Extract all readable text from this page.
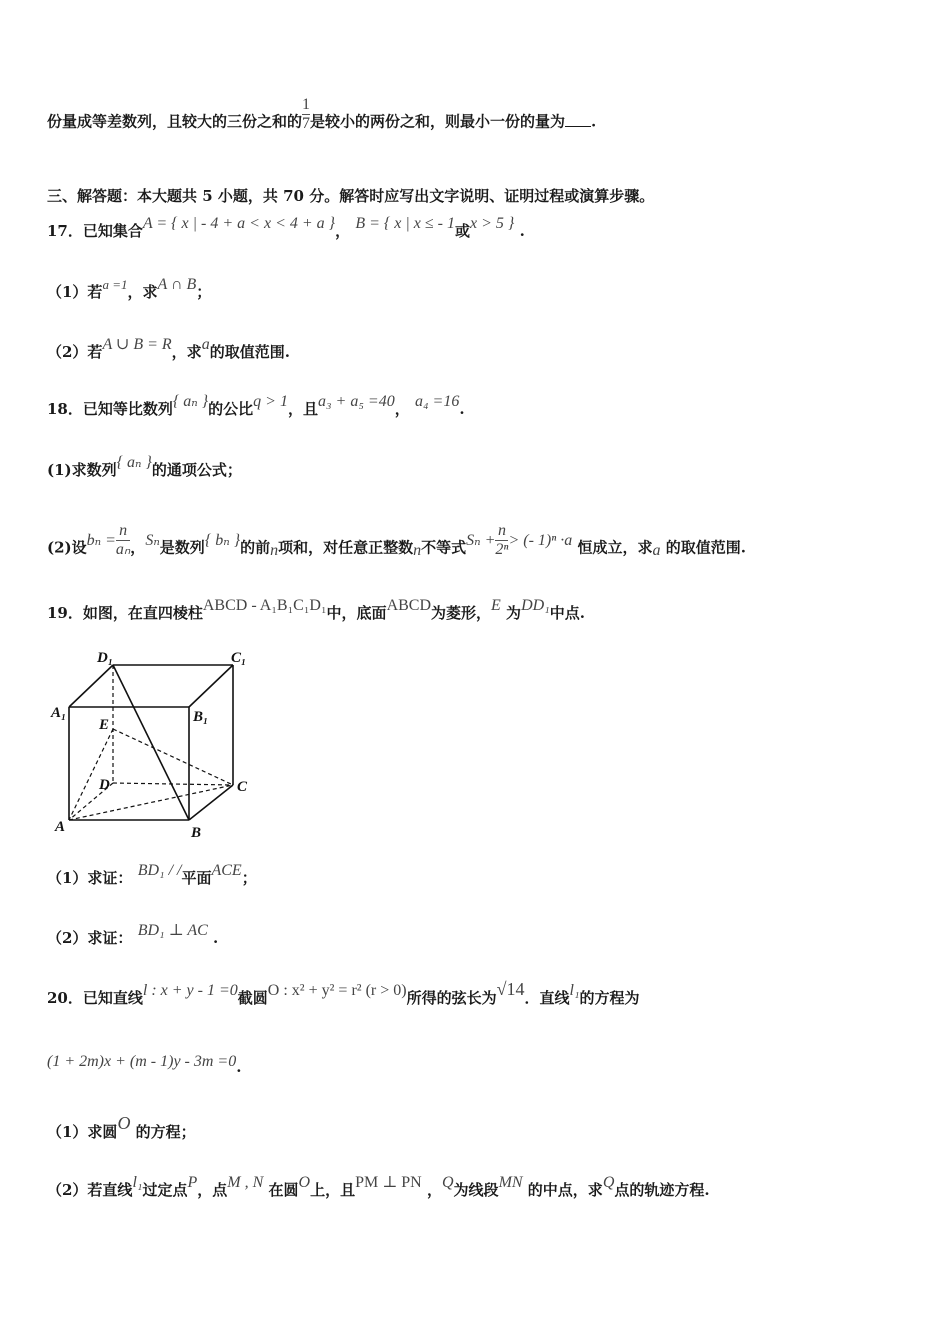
份量成等差数列，且较大的三份之和的 $\frac{1}{7}$ 是较小的两份之和，则最小一份的量为 .
三、解答题：本大题共 5 小题，共 70 分。解答时应写出文字说明、证明过程或演算步骤。
17．已知集合A = { x | - 4 + a < x < 4 + a }， B = { x | x ≤ - 1或x > 5 } .
（1）若a =1，求A ∩ B；
（2）若A ∪ B = R，求a的取值范围.
18．已知等比数列{ aₙ }的公比q > 1，且a₃ + a₅ =40， a₄ =16.
(1)求数列{ aₙ }的通项公式；
(2)设$b_n = \frac{n}{\text{aₙ}}$ ，Sₙ是数列{ bₙ }的前n项和，对任意正整数n不等式$S_n + \frac{n}{\text{2ⁿ}}$ > (- 1)ⁿ ·a 恒成立，求a 的取值范围.
19．如图，在直四棱柱ABCD - A₁B₁C₁D₁中，底面ABCD为菱形，E 为DD₁中点.
D₁	C₁
A₁	B₁
E
D	C
A	B
（1）求证： BD₁ / /平面ACE；
（2）求证： BD₁ ⊥ AC .
20．已知直线l : x + y - 1 =0截圆O : x² + y² = r² (r > 0)所得的弦长为√14．直线l₁的方程为
(1 + 2m)x + (m - 1)y - 3m =0.
（1）求圆O 的方程；
（2）若直线l₁过定点P，点M , N 在圆O上，且PM ⊥ PN ，Q为线段MN 的中点，求Q点的轨迹方程.
